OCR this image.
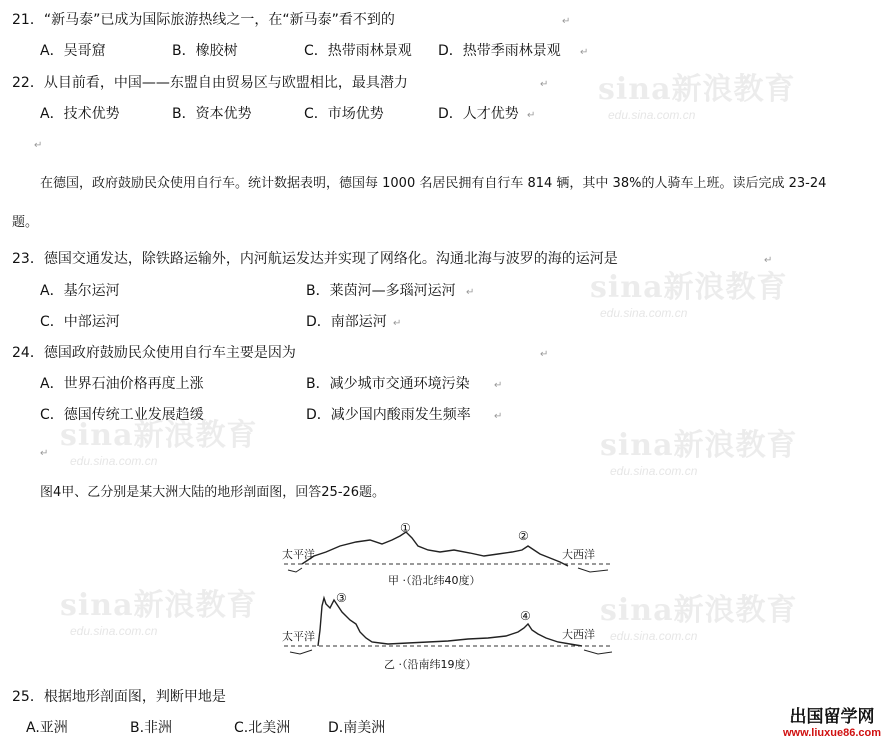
sina新浪教育
edu.sina.com.cn
sina新浪教育
edu.sina.com.cn
sina新浪教育
edu.sina.com.cn	sina新浪教育
edu.sina.com.cn
sina新浪教育
edu.sina.com.cn
sina新浪教育
edu.sina.com.cn
21．“新马泰”已成为国际旅游热线之一，在“新马泰”看不到的	↵
A．吴哥窟	B．橡胶树	C．热带雨林景观 D．热带季雨林景观 ↵
22．从目前看，中国——东盟自由贸易区与欧盟相比，最具潜力	↵
A．技术优势	B．资本优势	C．市场优势	D．人才优势 ↵
↵
在德国，政府鼓励民众使用自行车。统计数据表明，德国每 1000 名居民拥有自行车 814 辆，其中 38%的人骑车上班。读后完成 23-24
题。
23．德国交通发达，除铁路运输外，内河航运发达并实现了网络化。沟通北海与波罗的海的运河是	↵
A．基尔运河	B．莱茵河—多瑙河运河 ↵
C．中部运河	D．南部运河 ↵
24．德国政府鼓励民众使用自行车主要是因为	↵
A．世界石油价格再度上涨	B．减少城市交通环境污染 ↵
C．德国传统工业发展趋缓	D．减少国内酸雨发生频率 ↵
↵
图4甲、乙分别是某大洲大陆的地形剖面图，回答25-26题。
太平洋	大西洋
①
②
甲 ·（沿北纬40度）
太平洋	大西洋
③
④
乙 ·（沿南纬19度）
25．根据地形剖面图，判断甲地是
A.亚洲	B.非洲	C.北美洲	D.南美洲
出国留学网
www.liuxue86.com
